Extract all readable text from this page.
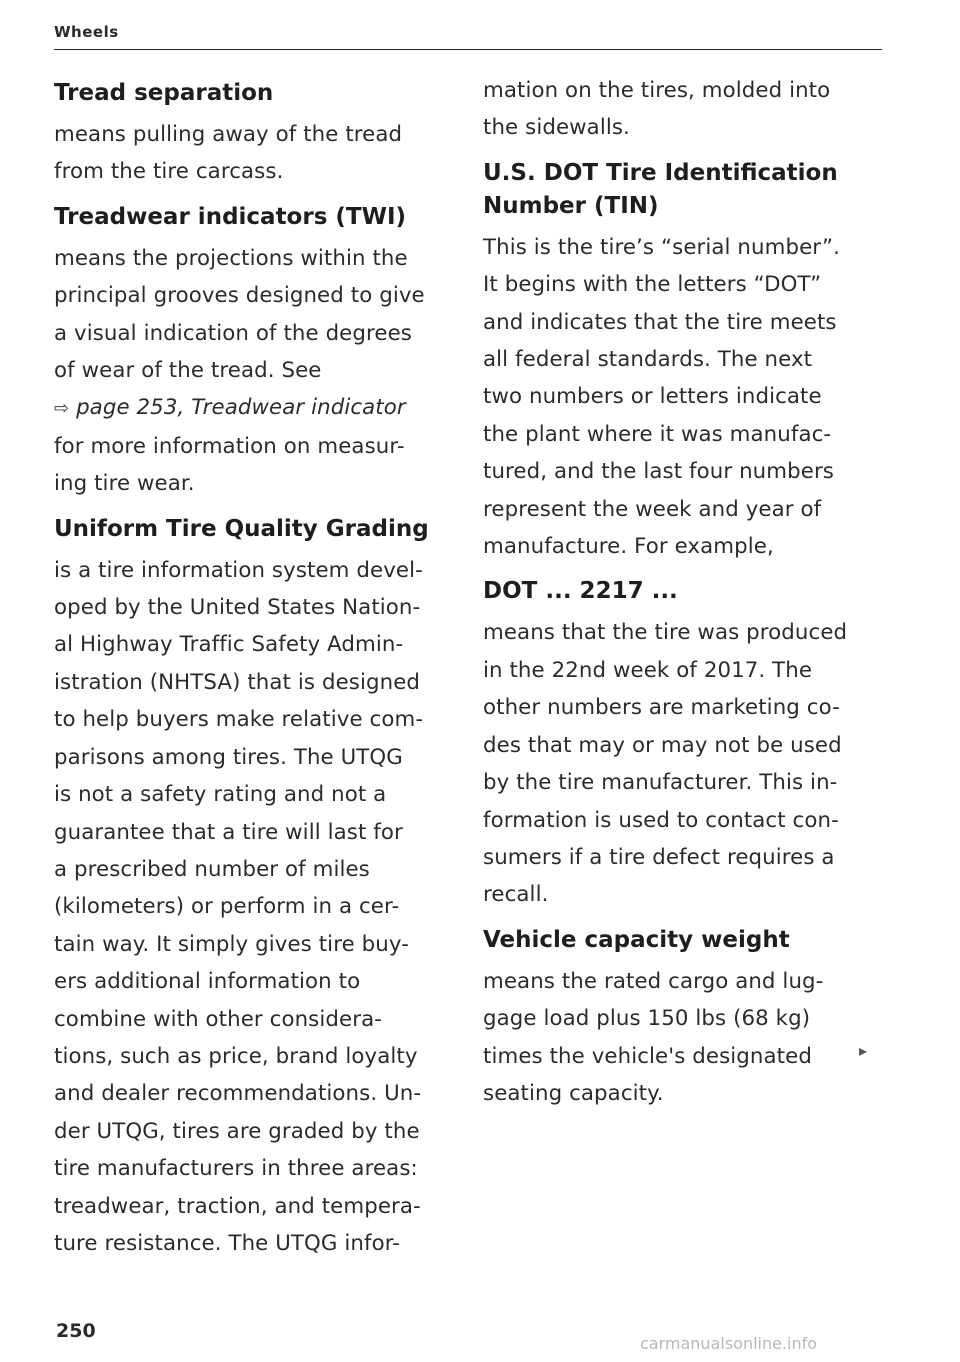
Wheels
Tread separation

means pulling away of the tread

from the tire carcass.

Treadwear indicators (TWI)

means the projections within the

principal grooves designed to give

a visual indication of the degrees

of wear of the tread. See

⇨ page 253, Treadwear indicator

for more information on measur-

ing tire wear.

Uniform Tire Quality Grading

is a tire information system devel-

oped by the United States Nation-

al Highway Traffic Safety Admin-

istration (NHTSA) that is designed

to help buyers make relative com-

parisons among tires. The UTQG

is not a safety rating and not a

guarantee that a tire will last for

a prescribed number of miles

(kilometers) or perform in a cer-

tain way. It simply gives tire buy-

ers additional information to

combine with other considera-

tions, such as price, brand loyalty

and dealer recommendations. Un-

der UTQG, tires are graded by the

tire manufacturers in three areas:

treadwear, traction, and tempera-

ture resistance. The UTQG infor-

mation on the tires, molded into

the sidewalls.

U.S. DOT Tire Identification
Number (TIN)

This is the tire’s “serial number”.

It begins with the letters “DOT”

and indicates that the tire meets

all federal standards. The next

two numbers or letters indicate

the plant where it was manufac-

tured, and the last four numbers

represent the week and year of

manufacture. For example,

DOT ... 2217 ...

means that the tire was produced

in the 22nd week of 2017. The

other numbers are marketing co-

des that may or may not be used

by the tire manufacturer. This in-

formation is used to contact con-

sumers if a tire defect requires a

recall.

Vehicle capacity weight

means the rated cargo and lug-

gage load plus 150 lbs (68 kg)

times the vehicle's designated

seating capacity.

▸
250
carmanualsonline.info
